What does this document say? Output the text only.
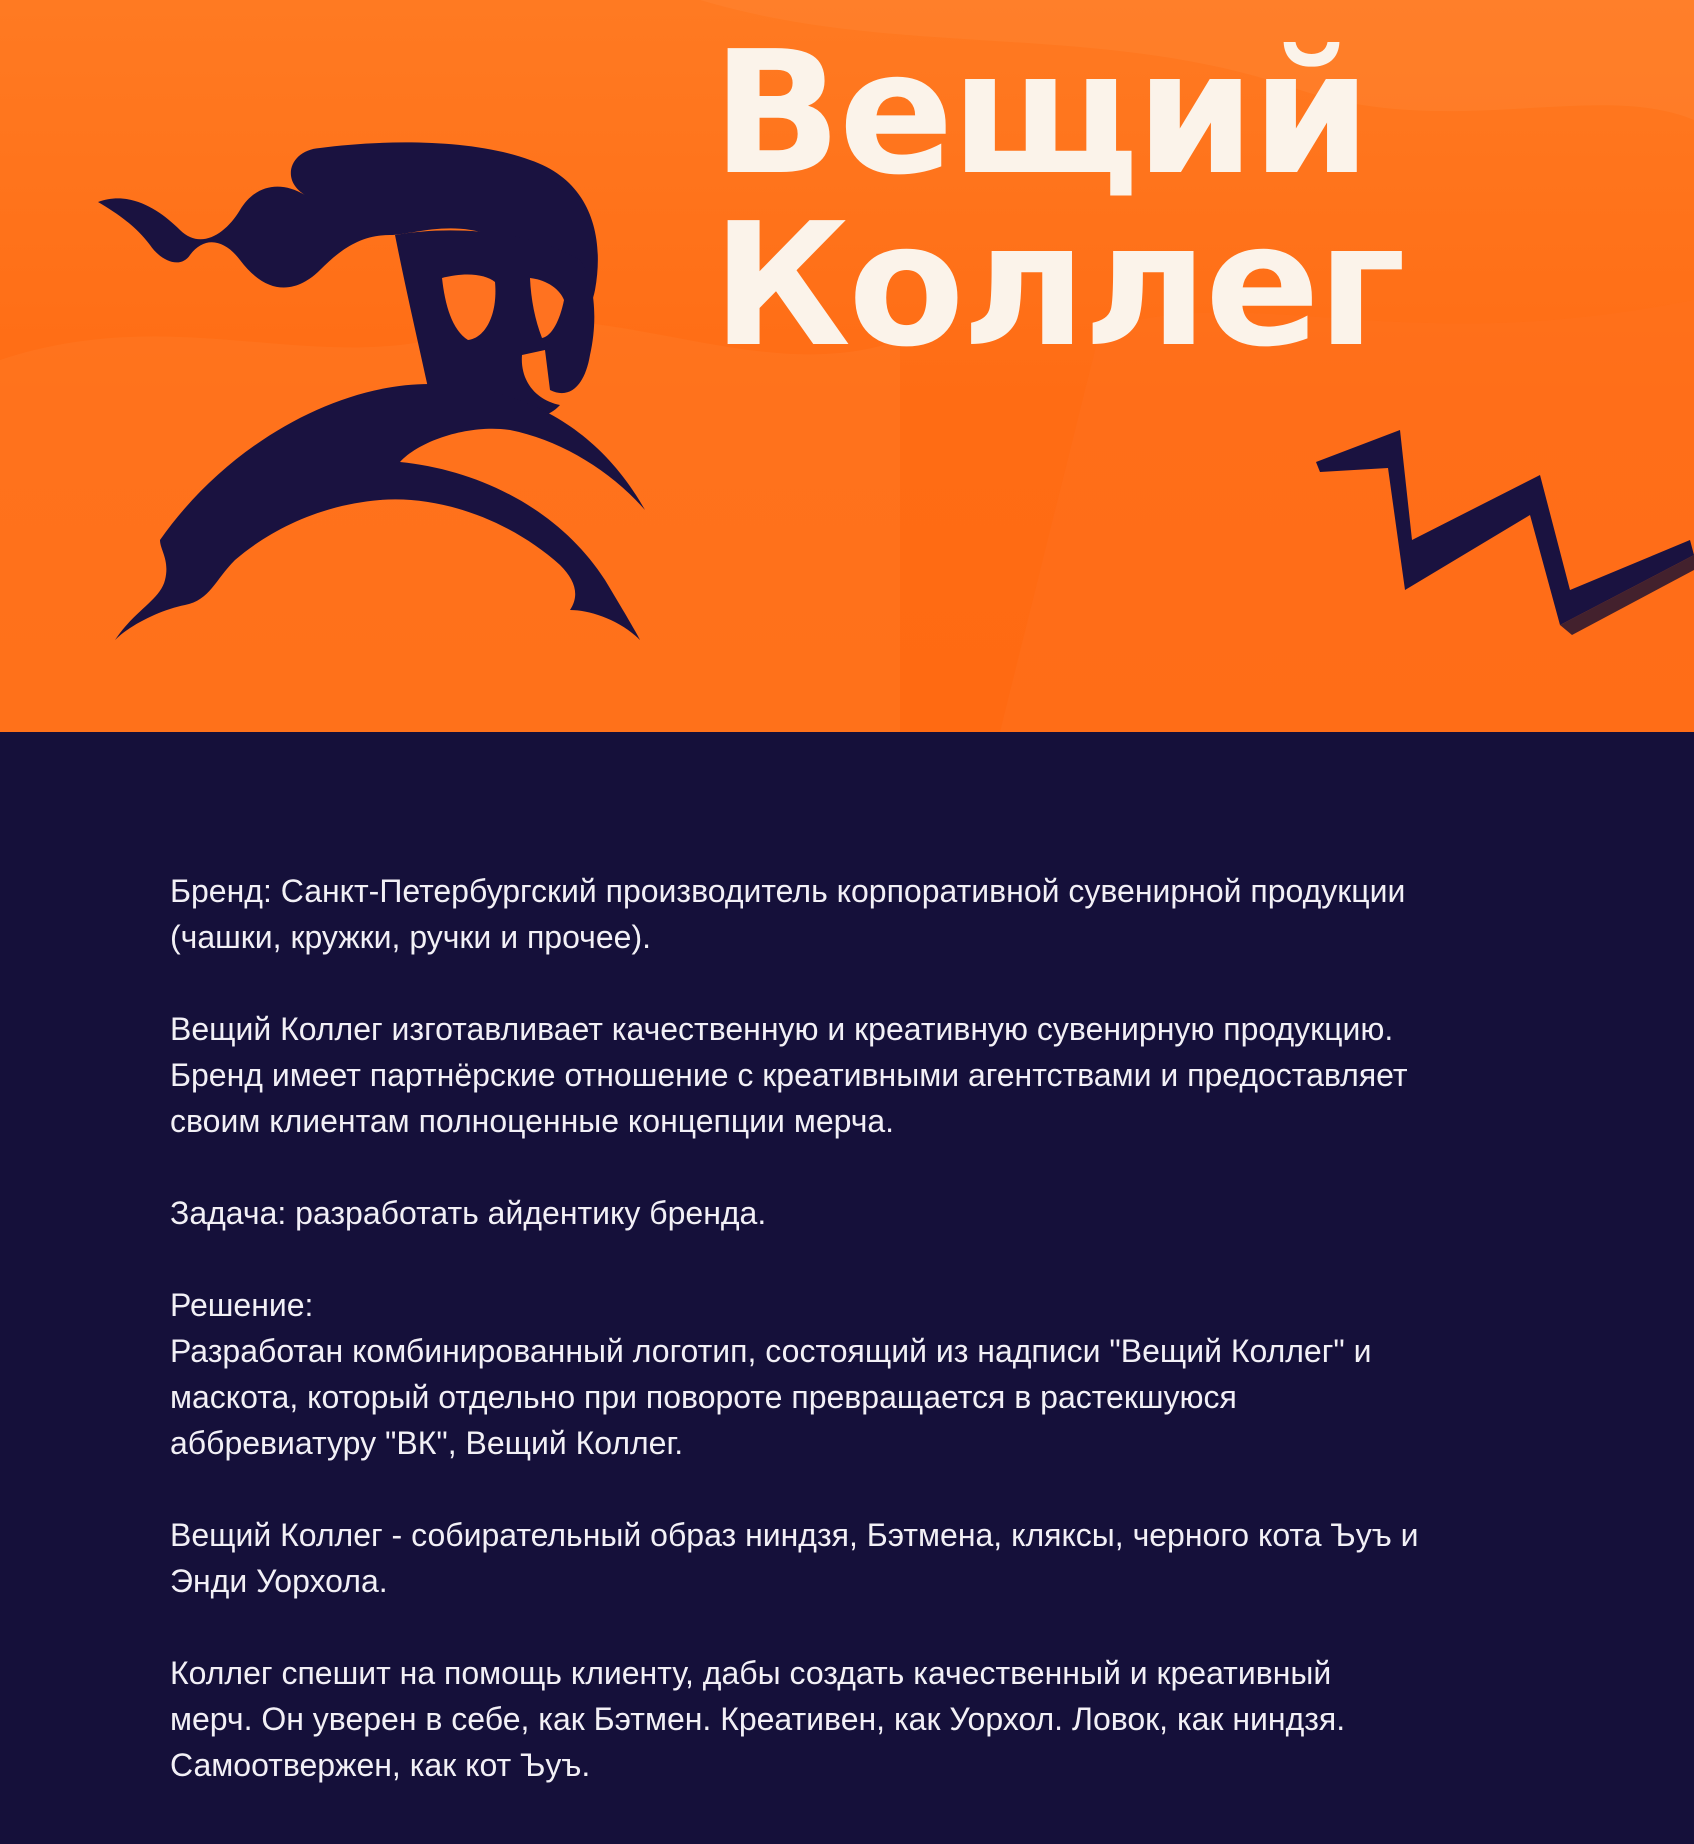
Вещий
Коллег

Бренд: Санкт-Петербургский производитель корпоративной сувенирной продукции
(чашки, кружки, ручки и прочее).

Вещий Коллег изготавливает качественную и креативную сувенирную продукцию.
Бренд имеет партнёрские отношение с креативными агентствами и предоставляет
своим клиентам полноценные концепции мерча.

Задача: разработать айдентику бренда.

Решение:
Разработан комбинированный логотип, состоящий из надписи "Вещий Коллег" и
маскота, который отдельно при повороте превращается в растекшуюся
аббревиатуру "ВК", Вещий Коллег.

Вещий Коллег - собирательный образ ниндзя, Бэтмена, кляксы, черного кота Ъуъ и
Энди Уорхола.

Коллег спешит на помощь клиенту, дабы создать качественный и креативный
мерч. Он уверен в себе, как Бэтмен. Креативен, как Уорхол. Ловок, как ниндзя.
Самоотвержен, как кот Ъуъ.
